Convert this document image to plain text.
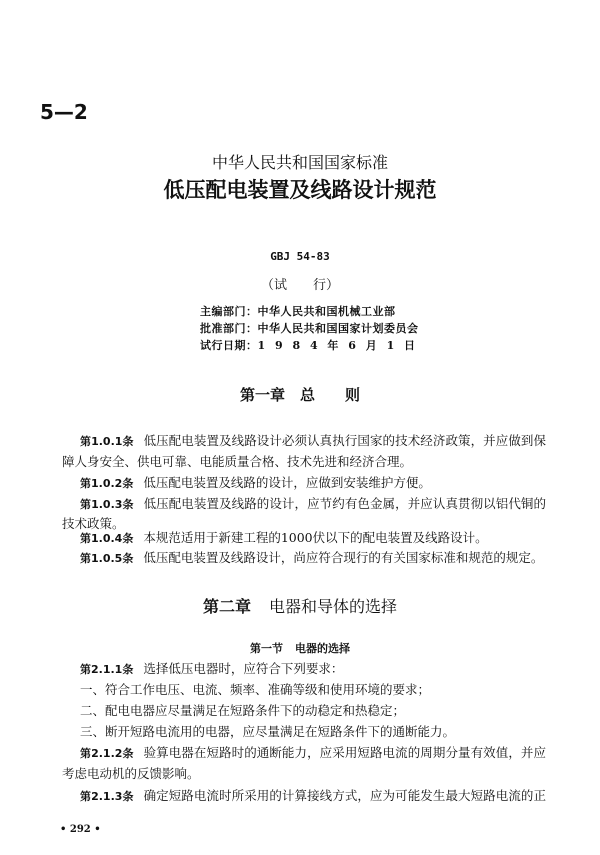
5—2
中华人民共和国国家标准
低压配电装置及线路设计规范
GBJ 54-83
（试　　行）
主编部门：中华人民共和国机械工业部
批准部门：中华人民共和国国家计划委员会
试行日期：1 9 8 4 年 6 月 1 日
第一章　总　　则
第1.0.1条 低压配电装置及线路设计必须认真执行国家的技术经济政策，并应做到保
障人身安全、供电可靠、电能质量合格、技术先进和经济合理。
第1.0.2条 低压配电装置及线路的设计，应做到安装维护方便。
第1.0.3条 低压配电装置及线路的设计，应节约有色金属，并应认真贯彻以铝代铜的
技术政策。
第1.0.4条 本规范适用于新建工程的1000伏以下的配电装置及线路设计。
第1.0.5条 低压配电装置及线路设计，尚应符合现行的有关国家标准和规范的规定。
第二章 电器和导体的选择
第一节 电器的选择
第2.1.1条 选择低压电器时，应符合下列要求：
一、符合工作电压、电流、频率、准确等级和使用环境的要求；
二、配电电器应尽量满足在短路条件下的动稳定和热稳定；
三、断开短路电流用的电器，应尽量满足在短路条件下的通断能力。
第2.1.2条 验算电器在短路时的通断能力，应采用短路电流的周期分量有效值，并应
考虑电动机的反馈影响。
第2.1.3条 确定短路电流时所采用的计算接线方式，应为可能发生最大短路电流的正
• 292 •
